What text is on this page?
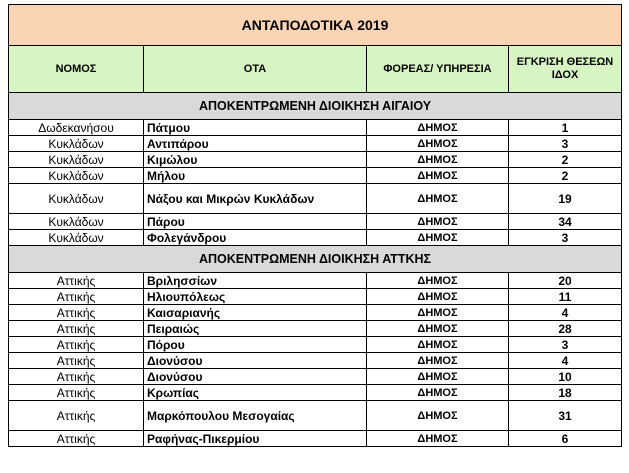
ΑΝΤΑΠΟΔΟΤΙΚΑ 2019			
ΝΟΜΟΣ	ΟΤΑ	ΦΟΡΕΑΣ/ ΥΠΗΡΕΣΙΑ	ΕΓΚΡΙΣΗ ΘΕΣΕΩΝ ΙΔΟΧ
ΑΠΟΚΕΝΤΡΩΜΕΝΗ ΔΙΟΙΚΗΣΗ ΑΙΓΑΙΟΥ			
Δωδεκανήσου	Πάτμου	ΔΗΜΟΣ	1
Κυκλάδων	Αντιπάρου	ΔΗΜΟΣ	3
Κυκλάδων	Κιμώλου	ΔΗΜΟΣ	2
Κυκλάδων	Μήλου	ΔΗΜΟΣ	2
Κυκλάδων	Νάξου και Μικρών Κυκλάδων	ΔΗΜΟΣ	19
Κυκλάδων	Πάρου	ΔΗΜΟΣ	34
Κυκλάδων	Φολεγάνδρου	ΔΗΜΟΣ	3
ΑΠΟΚΕΝΤΡΩΜΕΝΗ ΔΙΟΙΚΗΣΗ ΑΤΤΚΗΣ			
Αττικής	Βριλησσίων	ΔΗΜΟΣ	20
Αττικής	Ηλιουπόλεως	ΔΗΜΟΣ	11
Αττικής	Καισαριανής	ΔΗΜΟΣ	4
Αττικής	Πειραιώς	ΔΗΜΟΣ	28
Αττικής	Πόρου	ΔΗΜΟΣ	3
Αττικής	Διονύσου	ΔΗΜΟΣ	4
Αττικής	Διονύσου	ΔΗΜΟΣ	10
Αττικής	Κρωπίας	ΔΗΜΟΣ	18
Αττικής	Μαρκόπουλου Μεσογαίας	ΔΗΜΟΣ	31
Αττικής	Ραφήνας-Πικερμίου	ΔΗΜΟΣ	6
